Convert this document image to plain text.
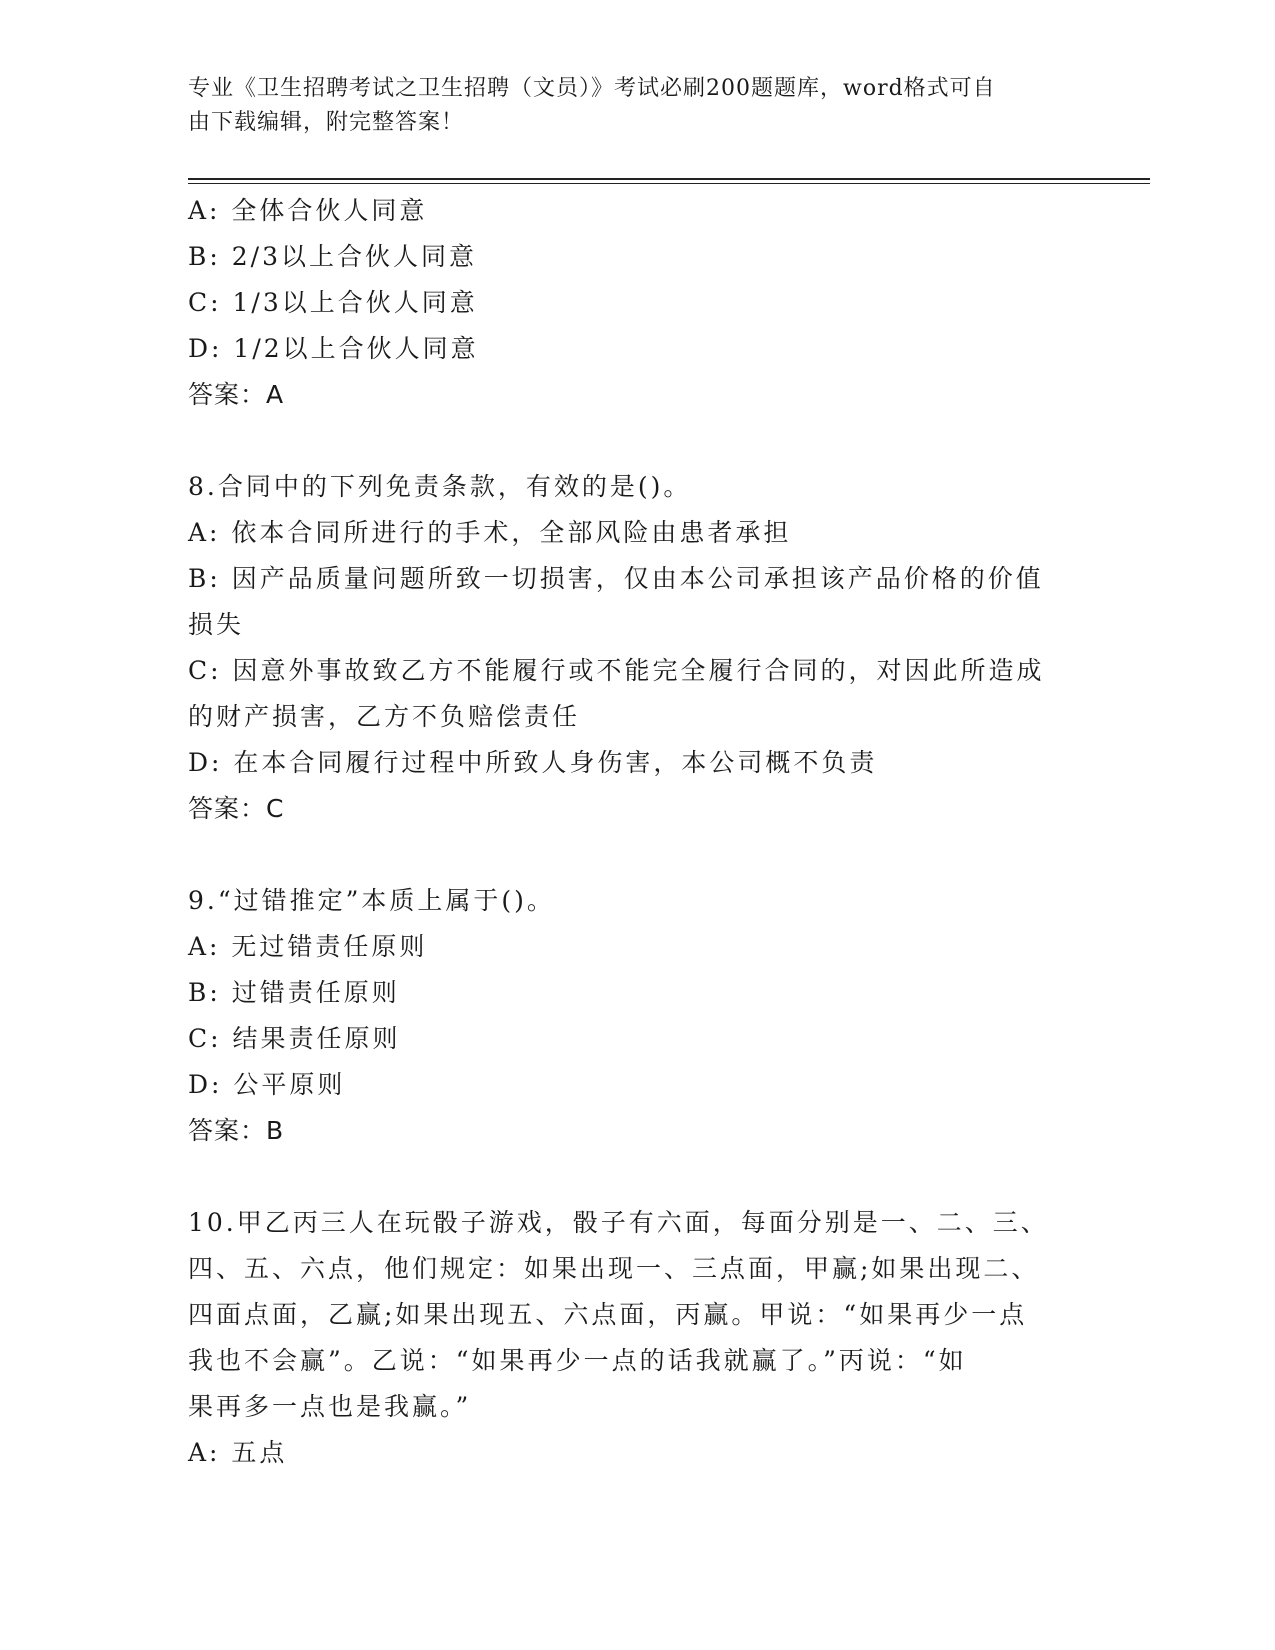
专业《卫生招聘考试之卫生招聘（文员）》考试必刷200题题库，word格式可自
由下载编辑，附完整答案！
A: 全体合伙人同意
B: 2/3以上合伙人同意
C: 1/3以上合伙人同意
D: 1/2以上合伙人同意
答案：A
8.合同中的下列免责条款，有效的是()。
A: 依本合同所进行的手术，全部风险由患者承担
B: 因产品质量问题所致一切损害，仅由本公司承担该产品价格的价值
损失
C: 因意外事故致乙方不能履行或不能完全履行合同的，对因此所造成
的财产损害，乙方不负赔偿责任
D: 在本合同履行过程中所致人身伤害，本公司概不负责
答案：C
9.“过错推定”本质上属于()。
A: 无过错责任原则
B: 过错责任原则
C: 结果责任原则
D: 公平原则
答案：B
10.甲乙丙三人在玩骰子游戏，骰子有六面，每面分别是一、二、三、
四、五、六点，他们规定：如果出现一、三点面，甲赢;如果出现二、
四面点面，乙赢;如果出现五、六点面，丙赢。甲说：“如果再少一点
我也不会赢”。乙说：“如果再少一点的话我就赢了。”丙说：“如
果再多一点也是我赢。”
A: 五点
